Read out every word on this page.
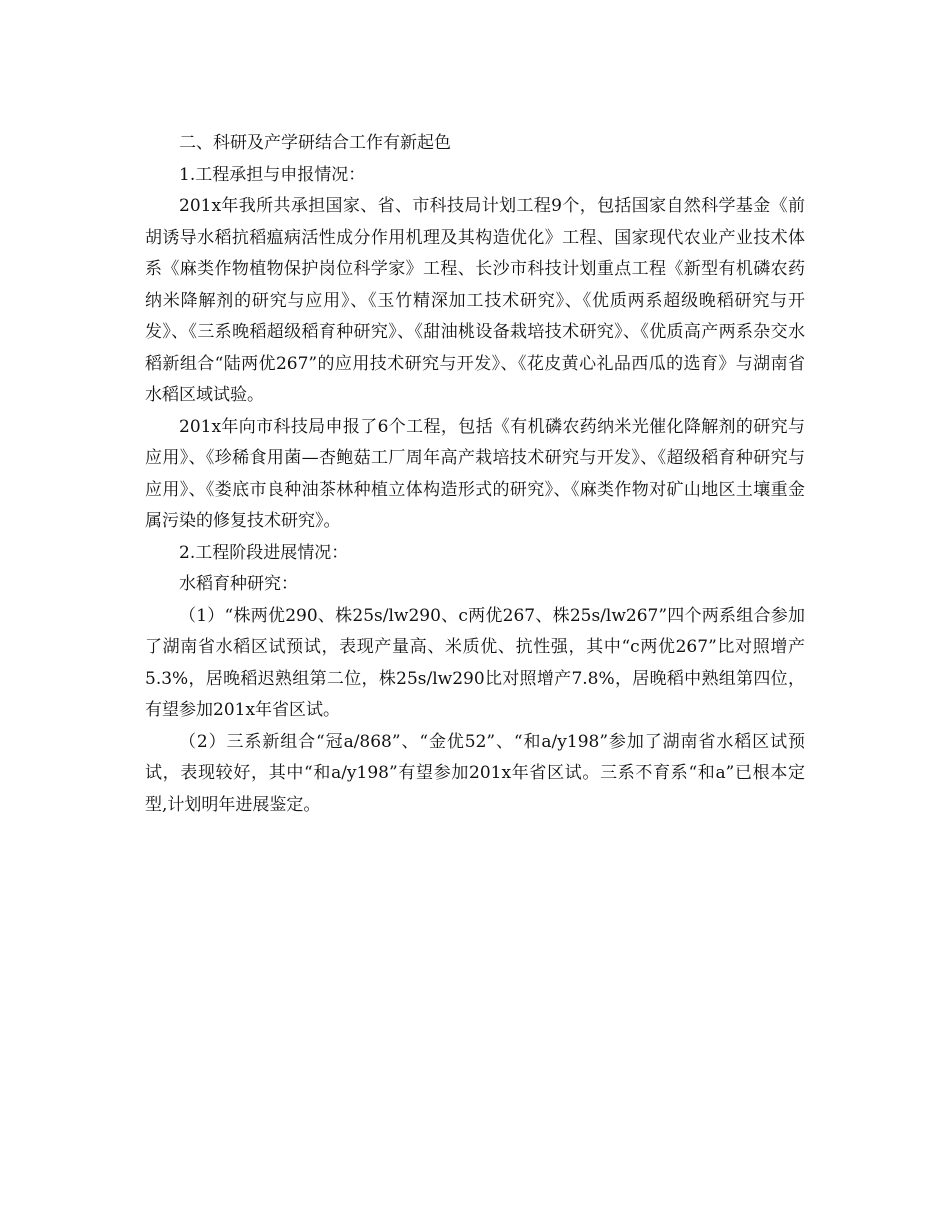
二、科研及产学研结合工作有新起色

1.工程承担与申报情况：

201x年我所共承担国家、省、市科技局计划工程9个，包括国家自然科学基金《前胡诱导水稻抗稻瘟病活性成分作用机理及其构造优化》工程、国家现代农业产业技术体系《麻类作物植物保护岗位科学家》工程、长沙市科技计划重点工程《新型有机磷农药纳米降解剂的研究与应用》、《玉竹精深加工技术研究》、《优质两系超级晚稻研究与开发》、《三系晚稻超级稻育种研究》、《甜油桃设备栽培技术研究》、《优质高产两系杂交水稻新组合“陆两优267”的应用技术研究与开发》、《花皮黄心礼品西瓜的选育》与湖南省水稻区域试验。

201x年向市科技局申报了6个工程，包括《有机磷农药纳米光催化降解剂的研究与应用》、《珍稀食用菌—杏鲍菇工厂周年高产栽培技术研究与开发》、《超级稻育种研究与应用》、《娄底市良种油茶林种植立体构造形式的研究》、《麻类作物对矿山地区土壤重金属污染的修复技术研究》。

2.工程阶段进展情况：

水稻育种研究：

（1）“株两优290、株25s/lw290、c两优267、株25s/lw267”四个两系组合参加了湖南省水稻区试预试，表现产量高、米质优、抗性强，其中“c两优267”比对照增产5.3%，居晚稻迟熟组第二位，株25s/lw290比对照增产7.8%，居晚稻中熟组第四位，有望参加201x年省区试。

（2）三系新组合“冠a/868”、“金优52”、“和a/y198”参加了湖南省水稻区试预试，表现较好，其中“和a/y198”有望参加201x年省区试。三系不育系“和a”已根本定型,计划明年进展鉴定。
